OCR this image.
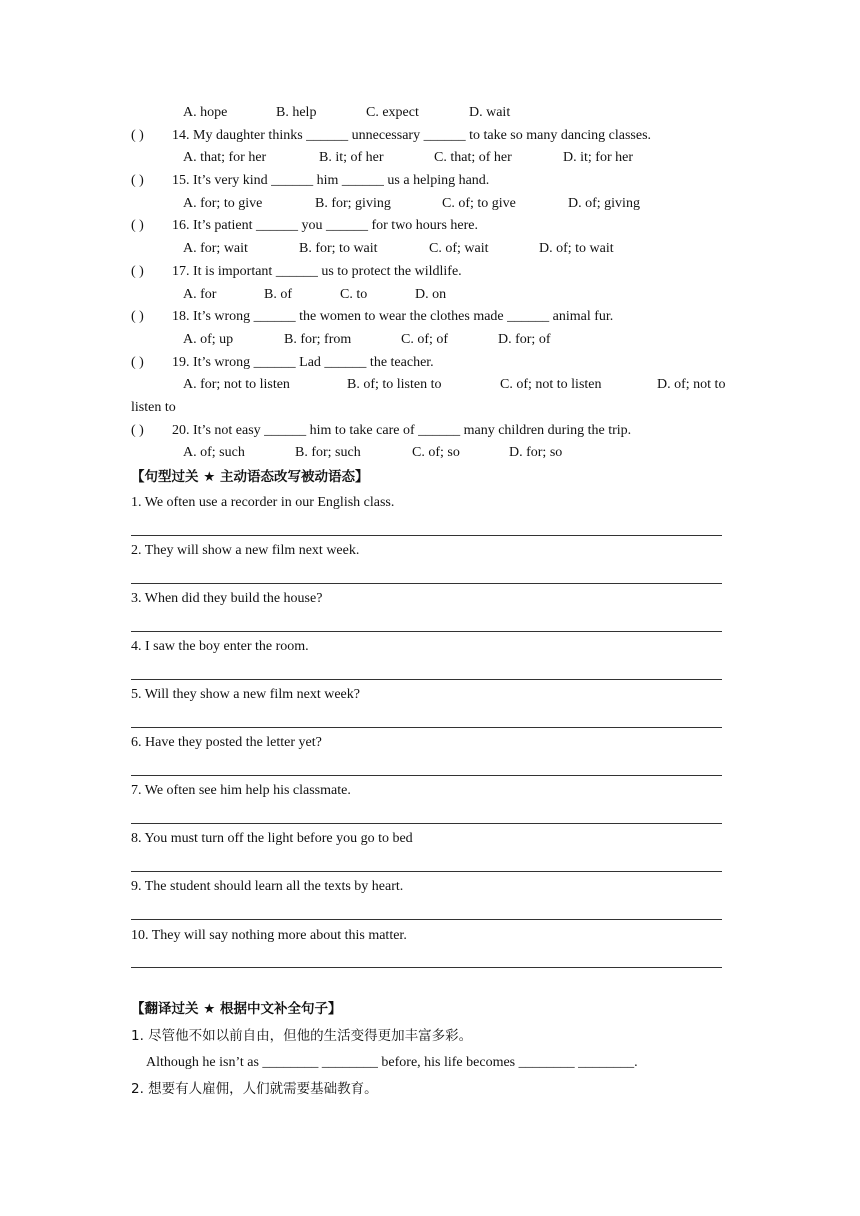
A. hope	B. help	C. expect	D. wait
( ) 14. My daughter thinks ______ unnecessary ______ to take so many dancing classes.
A. that; for her	B. it; of her	C. that; of her	D. it; for her
( ) 15. It’s very kind ______ him ______ us a helping hand.
A. for; to give	B. for; giving	C. of; to give	D. of; giving
( ) 16. It’s patient ______ you ______ for two hours here.
A. for; wait	B. for; to wait	C. of; wait	D. of; to wait
( ) 17. It is important ______ us to protect the wildlife.
A. for	B. of	C. to	D. on
( ) 18. It’s wrong ______ the women to wear the clothes made ______ animal fur.
A. of; up	B. for; from	C. of; of	D. for; of
( ) 19. It’s wrong ______ Lad ______ the teacher.
A. for; not to listen	B. of; to listen to	C. of; not to listen	D. of; not to
listen to
( ) 20. It’s not easy ______ him to take care of ______ many children during the trip.
A. of; such	B. for; such	C. of; so	D. for; so
【句型过关 ★ 主动语态改写被动语态】
1. We often use a recorder in our English class.
2. They will show a new film next week.
3. When did they build the house?
4. I saw the boy enter the room.
5. Will they show a new film next week?
6. Have they posted the letter yet?
7. We often see him help his classmate.
8. You must turn off the light before you go to bed
9. The student should learn all the texts by heart.
10. They will say nothing more about this matter.
【翻译过关 ★ 根据中文补全句子】
1. 尽管他不如以前自由，但他的生活变得更加丰富多彩。
Although he isn’t as ________ ________ before, his life becomes ________ ________.
2. 想要有人雇佣，人们就需要基础教育。
